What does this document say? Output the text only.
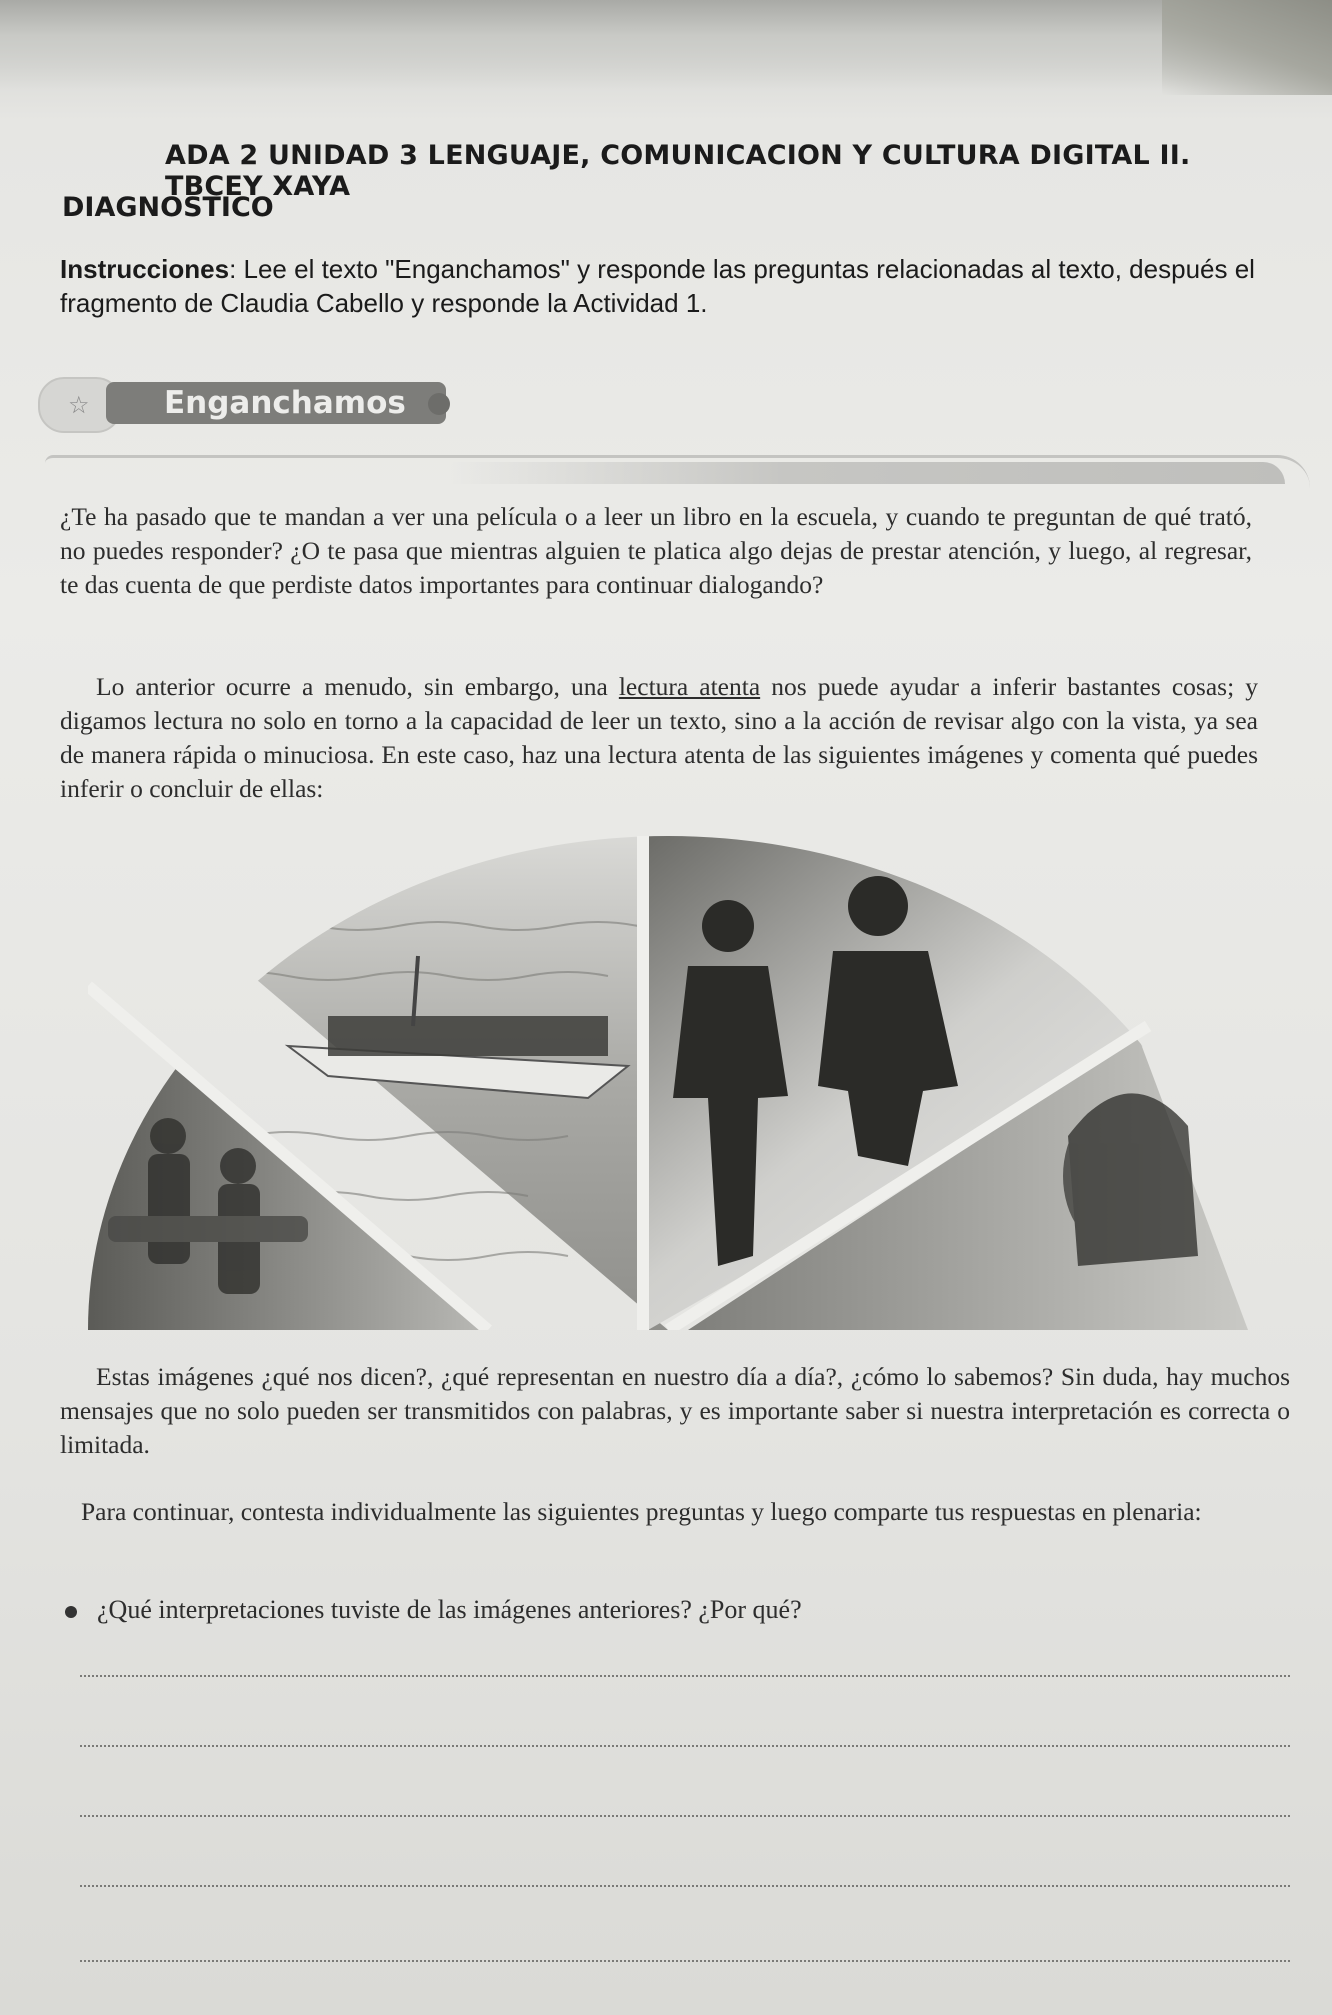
ADA 2 UNIDAD 3 LENGUAJE, COMUNICACION Y CULTURA DIGITAL II. TBCEY XAYA
DIAGNOSTICO
Instrucciones: Lee el texto "Enganchamos" y responde las preguntas relacionadas al texto, después el fragmento de Claudia Cabello y responde la Actividad 1.
☆	Enganchamos
¿Te ha pasado que te mandan a ver una película o a leer un libro en la escuela, y cuando te preguntan de qué trató, no puedes responder? ¿O te pasa que mientras alguien te platica algo dejas de prestar atención, y luego, al regresar, te das cuenta de que perdiste datos importantes para continuar dialogando?
Lo anterior ocurre a menudo, sin embargo, una lectura atenta nos puede ayudar a inferir bastantes cosas; y digamos lectura no solo en torno a la capacidad de leer un texto, sino a la acción de revisar algo con la vista, ya sea de manera rápida o minuciosa. En este caso, haz una lectura atenta de las siguientes imágenes y comenta qué puedes inferir o concluir de ellas:
Estas imágenes ¿qué nos dicen?, ¿qué representan en nuestro día a día?, ¿cómo lo sabemos? Sin duda, hay muchos mensajes que no solo pueden ser transmitidos con palabras, y es importante saber si nuestra interpretación es correcta o limitada.
Para continuar, contesta individualmente las siguientes preguntas y luego comparte tus respuestas en plenaria:
¿Qué interpretaciones tuviste de las imágenes anteriores? ¿Por qué?
